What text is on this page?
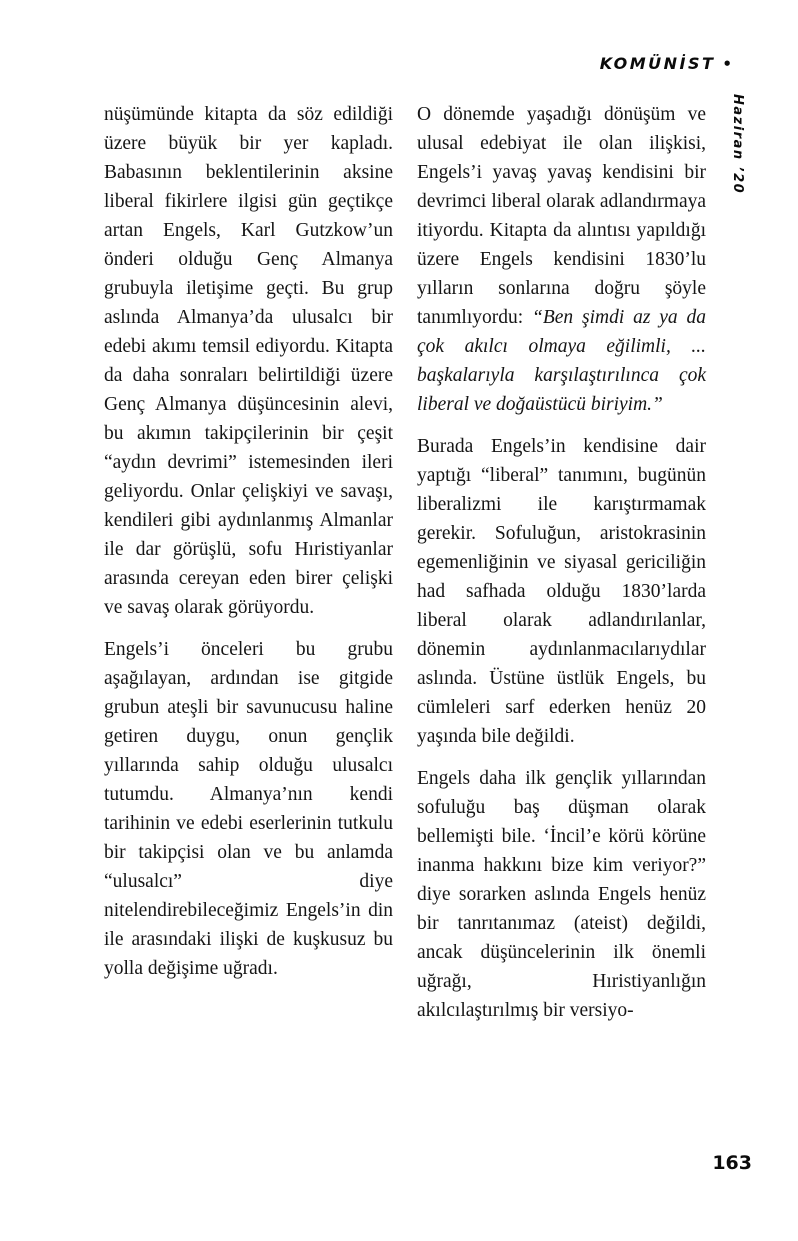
KOMÜNİST •
Haziran ’20

nüşümünde kitapta da söz edildiği üzere büyük bir yer kapladı. Babasının beklentilerinin aksine liberal fikirlere ilgisi gün geçtikçe artan Engels, Karl Gutzkow’un önderi olduğu Genç Almanya grubuyla iletişime geçti. Bu grup aslında Almanya’da ulusalcı bir edebi akımı temsil ediyordu. Kitapta da daha sonraları belirtildiği üzere Genç Almanya düşüncesinin alevi, bu akımın takipçilerinin bir çeşit “aydın devrimi” istemesinden ileri geliyordu. Onlar çelişkiyi ve savaşı, kendileri gibi aydınlanmış Almanlar ile dar görüşlü, sofu Hıristiyanlar arasında cereyan eden birer çelişki ve savaş olarak görüyordu.

Engels’i önceleri bu grubu aşağılayan, ardından ise gitgide grubun ateşli bir savunucusu haline getiren duygu, onun gençlik yıllarında sahip olduğu ulusalcı tutumdu. Almanya’nın kendi tarihinin ve edebi eserlerinin tutkulu bir takipçisi olan ve bu anlamda “ulusalcı” diye nitelendirebileceğimiz Engels’in din ile arasındaki ilişki de kuşkusuz bu yolla değişime uğradı.

O dönemde yaşadığı dönüşüm ve ulusal edebiyat ile olan ilişkisi, Engels’i yavaş yavaş kendisini bir devrimci liberal olarak adlandırmaya itiyordu. Kitapta da alıntısı yapıldığı üzere Engels kendisini 1830’lu yılların sonlarına doğru şöyle tanımlıyordu: “Ben şimdi az ya da çok akılcı olmaya eğilimli, ... başkalarıyla karşılaştırılınca çok liberal ve doğaüstücü biriyim.”

Burada Engels’in kendisine dair yaptığı “liberal” tanımını, bugünün liberalizmi ile karıştırmamak gerekir. Sofuluğun, aristokrasinin egemenliğinin ve siyasal gericiliğin had safhada olduğu 1830’larda liberal olarak adlandırılanlar, dönemin aydınlanmacılarıydılar aslında. Üstüne üstlük Engels, bu cümleleri sarf ederken henüz 20 yaşında bile değildi.

Engels daha ilk gençlik yıllarından sofuluğu baş düşman olarak bellemişti bile. ‘İncil’e körü körüne inanma hakkını bize kim veriyor?” diye sorarken aslında Engels henüz bir tanrıtanımaz (ateist) değildi, ancak düşüncelerinin ilk önemli uğrağı, Hıristiyanlığın akılcılaştırılmış bir versiyo-

163
